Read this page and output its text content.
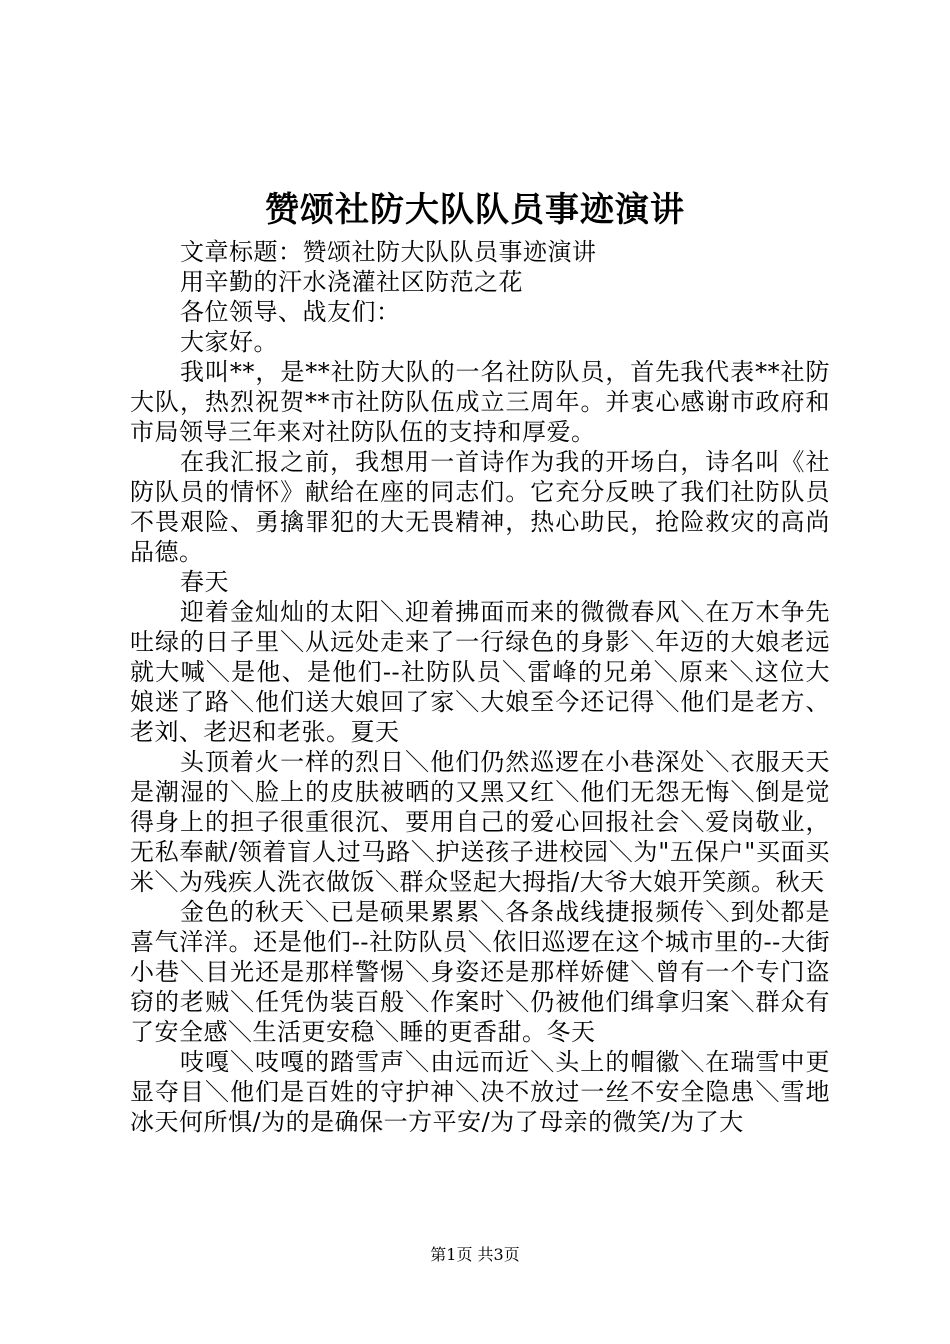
赞颂社防大队队员事迹演讲

文章标题：赞颂社防大队队员事迹演讲

用辛勤的汗水浇灌社区防范之花

各位领导、战友们：

大家好。

我叫**，是**社防大队的一名社防队员，首先我代表**社防大队，热烈祝贺**市社防队伍成立三周年。并衷心感谢市政府和市局领导三年来对社防队伍的支持和厚爱。

在我汇报之前，我想用一首诗作为我的开场白，诗名叫《社防队员的情怀》献给在座的同志们。它充分反映了我们社防队员不畏艰险、勇擒罪犯的大无畏精神，热心助民，抢险救灾的高尚品德。

春天

迎着金灿灿的太阳＼迎着拂面而来的微微春风＼在万木争先吐绿的日子里＼从远处走来了一行绿色的身影＼年迈的大娘老远就大喊＼是他、是他们--社防队员＼雷峰的兄弟＼原来＼这位大娘迷了路＼他们送大娘回了家＼大娘至今还记得＼他们是老方、老刘、老迟和老张。夏天

头顶着火一样的烈日＼他们仍然巡逻在小巷深处＼衣服天天是潮湿的＼脸上的皮肤被晒的又黑又红＼他们无怨无悔＼倒是觉得身上的担子很重很沉、要用自己的爱心回报社会＼爱岗敬业，无私奉献/领着盲人过马路＼护送孩子进校园＼为"五保户"买面买米＼为残疾人洗衣做饭＼群众竖起大拇指/大爷大娘开笑颜。秋天

金色的秋天＼已是硕果累累＼各条战线捷报频传＼到处都是喜气洋洋。还是他们--社防队员＼依旧巡逻在这个城市里的--大街小巷＼目光还是那样警惕＼身姿还是那样娇健＼曾有一个专门盗窃的老贼＼任凭伪装百般＼作案时＼仍被他们缉拿归案＼群众有了安全感＼生活更安稳＼睡的更香甜。冬天

吱嘎＼吱嘎的踏雪声＼由远而近＼头上的帽徽＼在瑞雪中更显夺目＼他们是百姓的守护神＼决不放过一丝不安全隐患＼雪地冰天何所惧/为的是确保一方平安/为了母亲的微笑/为了大

第1页 共3页
